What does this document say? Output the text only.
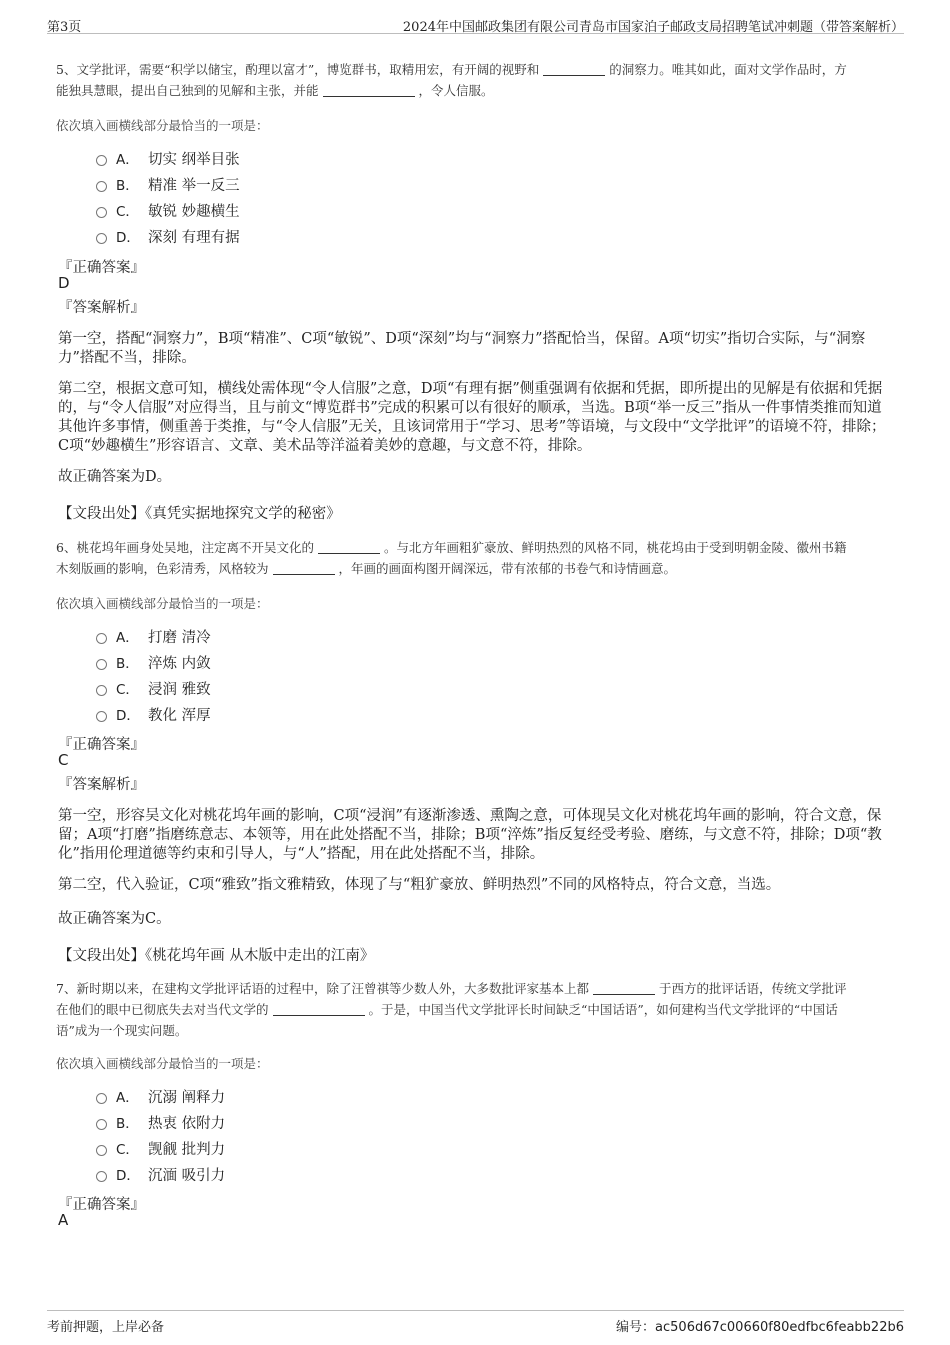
第3页	2024年中国邮政集团有限公司青岛市国家泊子邮政支局招聘笔试冲刺题（带答案解析）
5、文学批评，需要“积学以储宝，酌理以富才”，博览群书，取精用宏，有开阔的视野和	的洞察力。唯其如此，面对文学作品时，方
能独具慧眼，提出自己独到的见解和主张，并能	，令人信服。
依次填入画横线部分最恰当的一项是：
A． 切实 纲举目张
B． 精准 举一反三
C． 敏锐 妙趣横生
D． 深刻 有理有据
『正确答案』
D
『答案解析』
第一空，搭配“洞察力”，B项“精准”、C项“敏锐”、D项“深刻”均与“洞察力”搭配恰当，保留。A项“切实”指切合实际，与“洞察力”搭配不当，排除。
第二空，根据文意可知，横线处需体现“令人信服”之意，D项“有理有据”侧重强调有依据和凭据，即所提出的见解是有依据和凭据的，与“令人信服”对应得当，且与前文“博览群书”完成的积累可以有很好的顺承，当选。B项“举一反三”指从一件事情类推而知道其他许多事情，侧重善于类推，与“令人信服”无关，且该词常用于“学习、思考”等语境，与文段中“文学批评”的语境不符，排除；C项“妙趣横生”形容语言、文章、美术品等洋溢着美妙的意趣，与文意不符，排除。
故正确答案为D。
【文段出处】《真凭实据地探究文学的秘密》
6、桃花坞年画身处吴地，注定离不开吴文化的	。与北方年画粗犷豪放、鲜明热烈的风格不同，桃花坞由于受到明朝金陵、徽州书籍
木刻版画的影响，色彩清秀，风格较为	，年画的画面构图开阔深远，带有浓郁的书卷气和诗情画意。
依次填入画横线部分最恰当的一项是：
A． 打磨 清冷
B． 淬炼 内敛
C． 浸润 雅致
D． 教化 浑厚
『正确答案』
C
『答案解析』
第一空，形容吴文化对桃花坞年画的影响，C项“浸润”有逐渐渗透、熏陶之意，可体现吴文化对桃花坞年画的影响，符合文意，保留；A项“打磨”指磨练意志、本领等，用在此处搭配不当，排除；B项“淬炼”指反复经受考验、磨练，与文意不符，排除；D项“教化”指用伦理道德等约束和引导人，与“人”搭配，用在此处搭配不当，排除。
第二空，代入验证，C项“雅致”指文雅精致，体现了与“粗犷豪放、鲜明热烈”不同的风格特点，符合文意，当选。
故正确答案为C。
【文段出处】《桃花坞年画 从木版中走出的江南》
7、新时期以来，在建构文学批评话语的过程中，除了汪曾祺等少数人外，大多数批评家基本上都	于西方的批评话语，传统文学批评
在他们的眼中已彻底失去对当代文学的	。于是，中国当代文学批评长时间缺乏“中国话语”，如何建构当代文学批评的“中国话
语”成为一个现实问题。
依次填入画横线部分最恰当的一项是：
A． 沉溺 阐释力
B． 热衷 依附力
C． 觊觎 批判力
D． 沉湎 吸引力
『正确答案』
A
考前押题，上岸必备	编号：ac506d67c00660f80edfbc6feabb22b6
